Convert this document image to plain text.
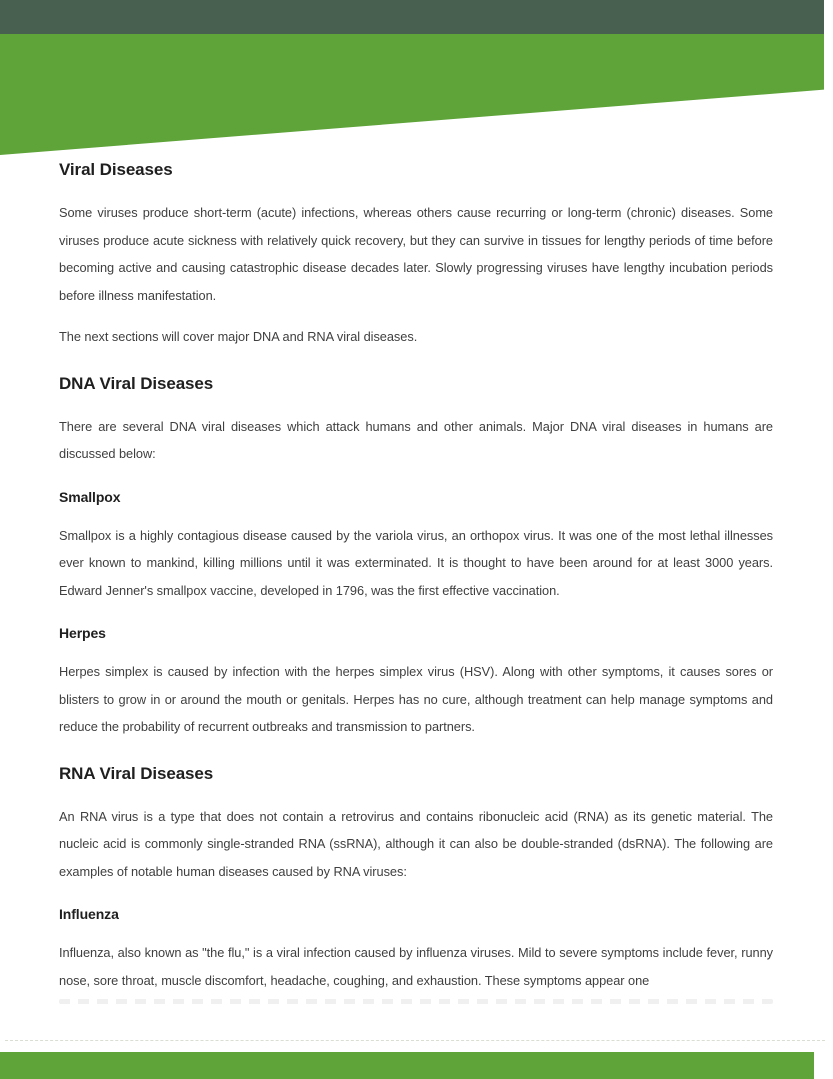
Viral Diseases
Some viruses produce short-term (acute) infections, whereas others cause recurring or long-term (chronic) diseases. Some viruses produce acute sickness with relatively quick recovery, but they can survive in tissues for lengthy periods of time before becoming active and causing catastrophic disease decades later. Slowly progressing viruses have lengthy incubation periods before illness manifestation.
The next sections will cover major DNA and RNA viral diseases.
DNA Viral Diseases
There are several DNA viral diseases which attack humans and other animals. Major DNA viral diseases in humans are discussed below:
Smallpox
Smallpox is a highly contagious disease caused by the variola virus, an orthopox virus. It was one of the most lethal illnesses ever known to mankind, killing millions until it was exterminated. It is thought to have been around for at least 3000 years. Edward Jenner's smallpox vaccine, developed in 1796, was the first effective vaccination.
Herpes
Herpes simplex is caused by infection with the herpes simplex virus (HSV). Along with other symptoms, it causes sores or blisters to grow in or around the mouth or genitals. Herpes has no cure, although treatment can help manage symptoms and reduce the probability of recurrent outbreaks and transmission to partners.
RNA Viral Diseases
An RNA virus is a type that does not contain a retrovirus and contains ribonucleic acid (RNA) as its genetic material. The nucleic acid is commonly single-stranded RNA (ssRNA), although it can also be double-stranded (dsRNA). The following are examples of notable human diseases caused by RNA viruses:
Influenza
Influenza, also known as "the flu," is a viral infection caused by influenza viruses. Mild to severe symptoms include fever, runny nose, sore throat, muscle discomfort, headache, coughing, and exhaustion. These symptoms appear one
